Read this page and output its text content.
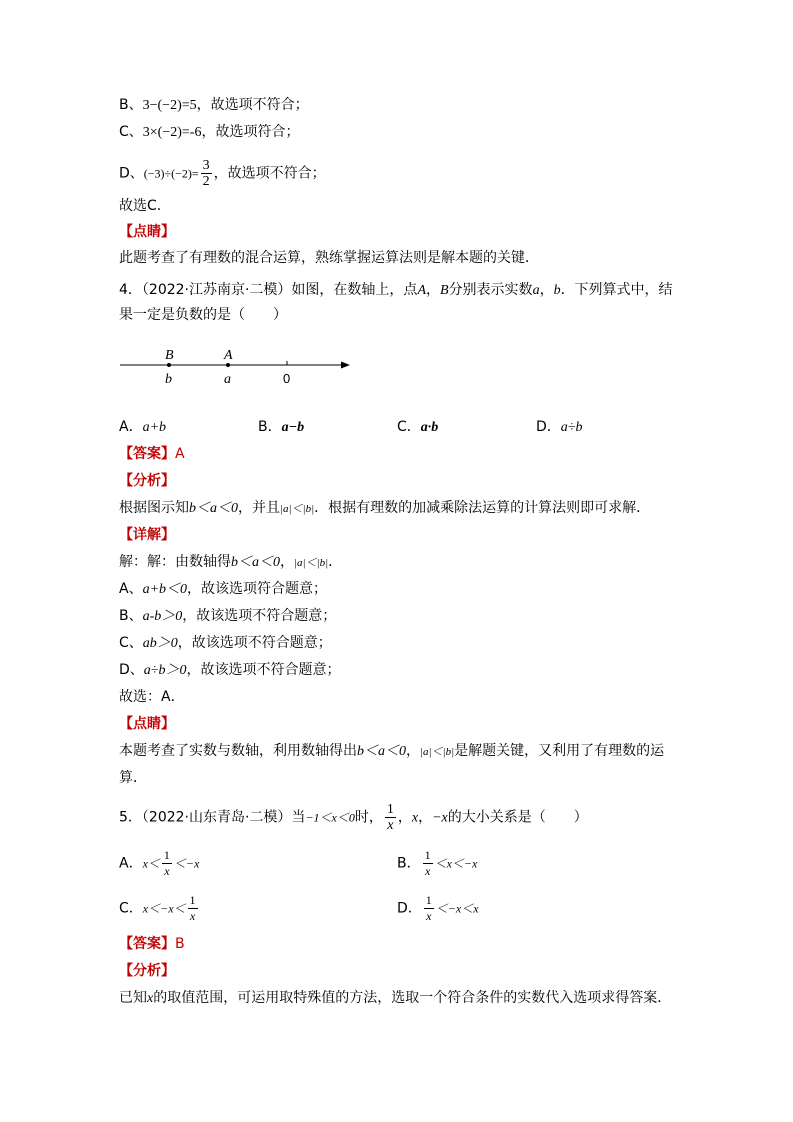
B、3−(−2)=5，故选项不符合；
C、3×(−2)=-6，故选项符合；
D、$(-3)\div(-2)= \frac{3}{2}$ ，故选项不符合；
故选C.
【点睛】
此题考查了有理数的混合运算，熟练掌握运算法则是解本题的关键．
4．（2022·江苏南京·二模）如图，在数轴上，点A，B分别表示实数a，b．下列算式中，结
果一定是负数的是（　　）
B	A
b	a	0
A．a+b	B．a−b	C．a·b	D．a÷b
【答案】A
【分析】
根据图示知b＜a＜0，并且|a|＜|b|．根据有理数的加减乘除法运算的计算法则即可求解．
【详解】
解：解：由数轴得b＜a＜0，|a|＜|b|．
A、a+b＜0，故该选项符合题意；
B、a-b＞0，故该选项不符合题意；
C、ab＞0，故该选项不符合题意；
D、a÷b＞0，故该选项不符合题意；
故选：A．
【点睛】
本题考查了实数与数轴，利用数轴得出b＜a＜0，|a|＜|b|是解题关键，又利用了有理数的运
算．
5．（2022·山东青岛·二模）当−1＜x＜0时， $\frac{1}{x}$ ，x，−x的大小关系是（　　）
A．$x< \frac{1}{x} <-x$	B． $\frac{1}{x} <x<-x$
C．$x<-x< \frac{1}{x}$	D． $\frac{1}{x} <-x<x$
【答案】B
【分析】
已知x的取值范围，可运用取特殊值的方法，选取一个符合条件的实数代入选项求得答案．
